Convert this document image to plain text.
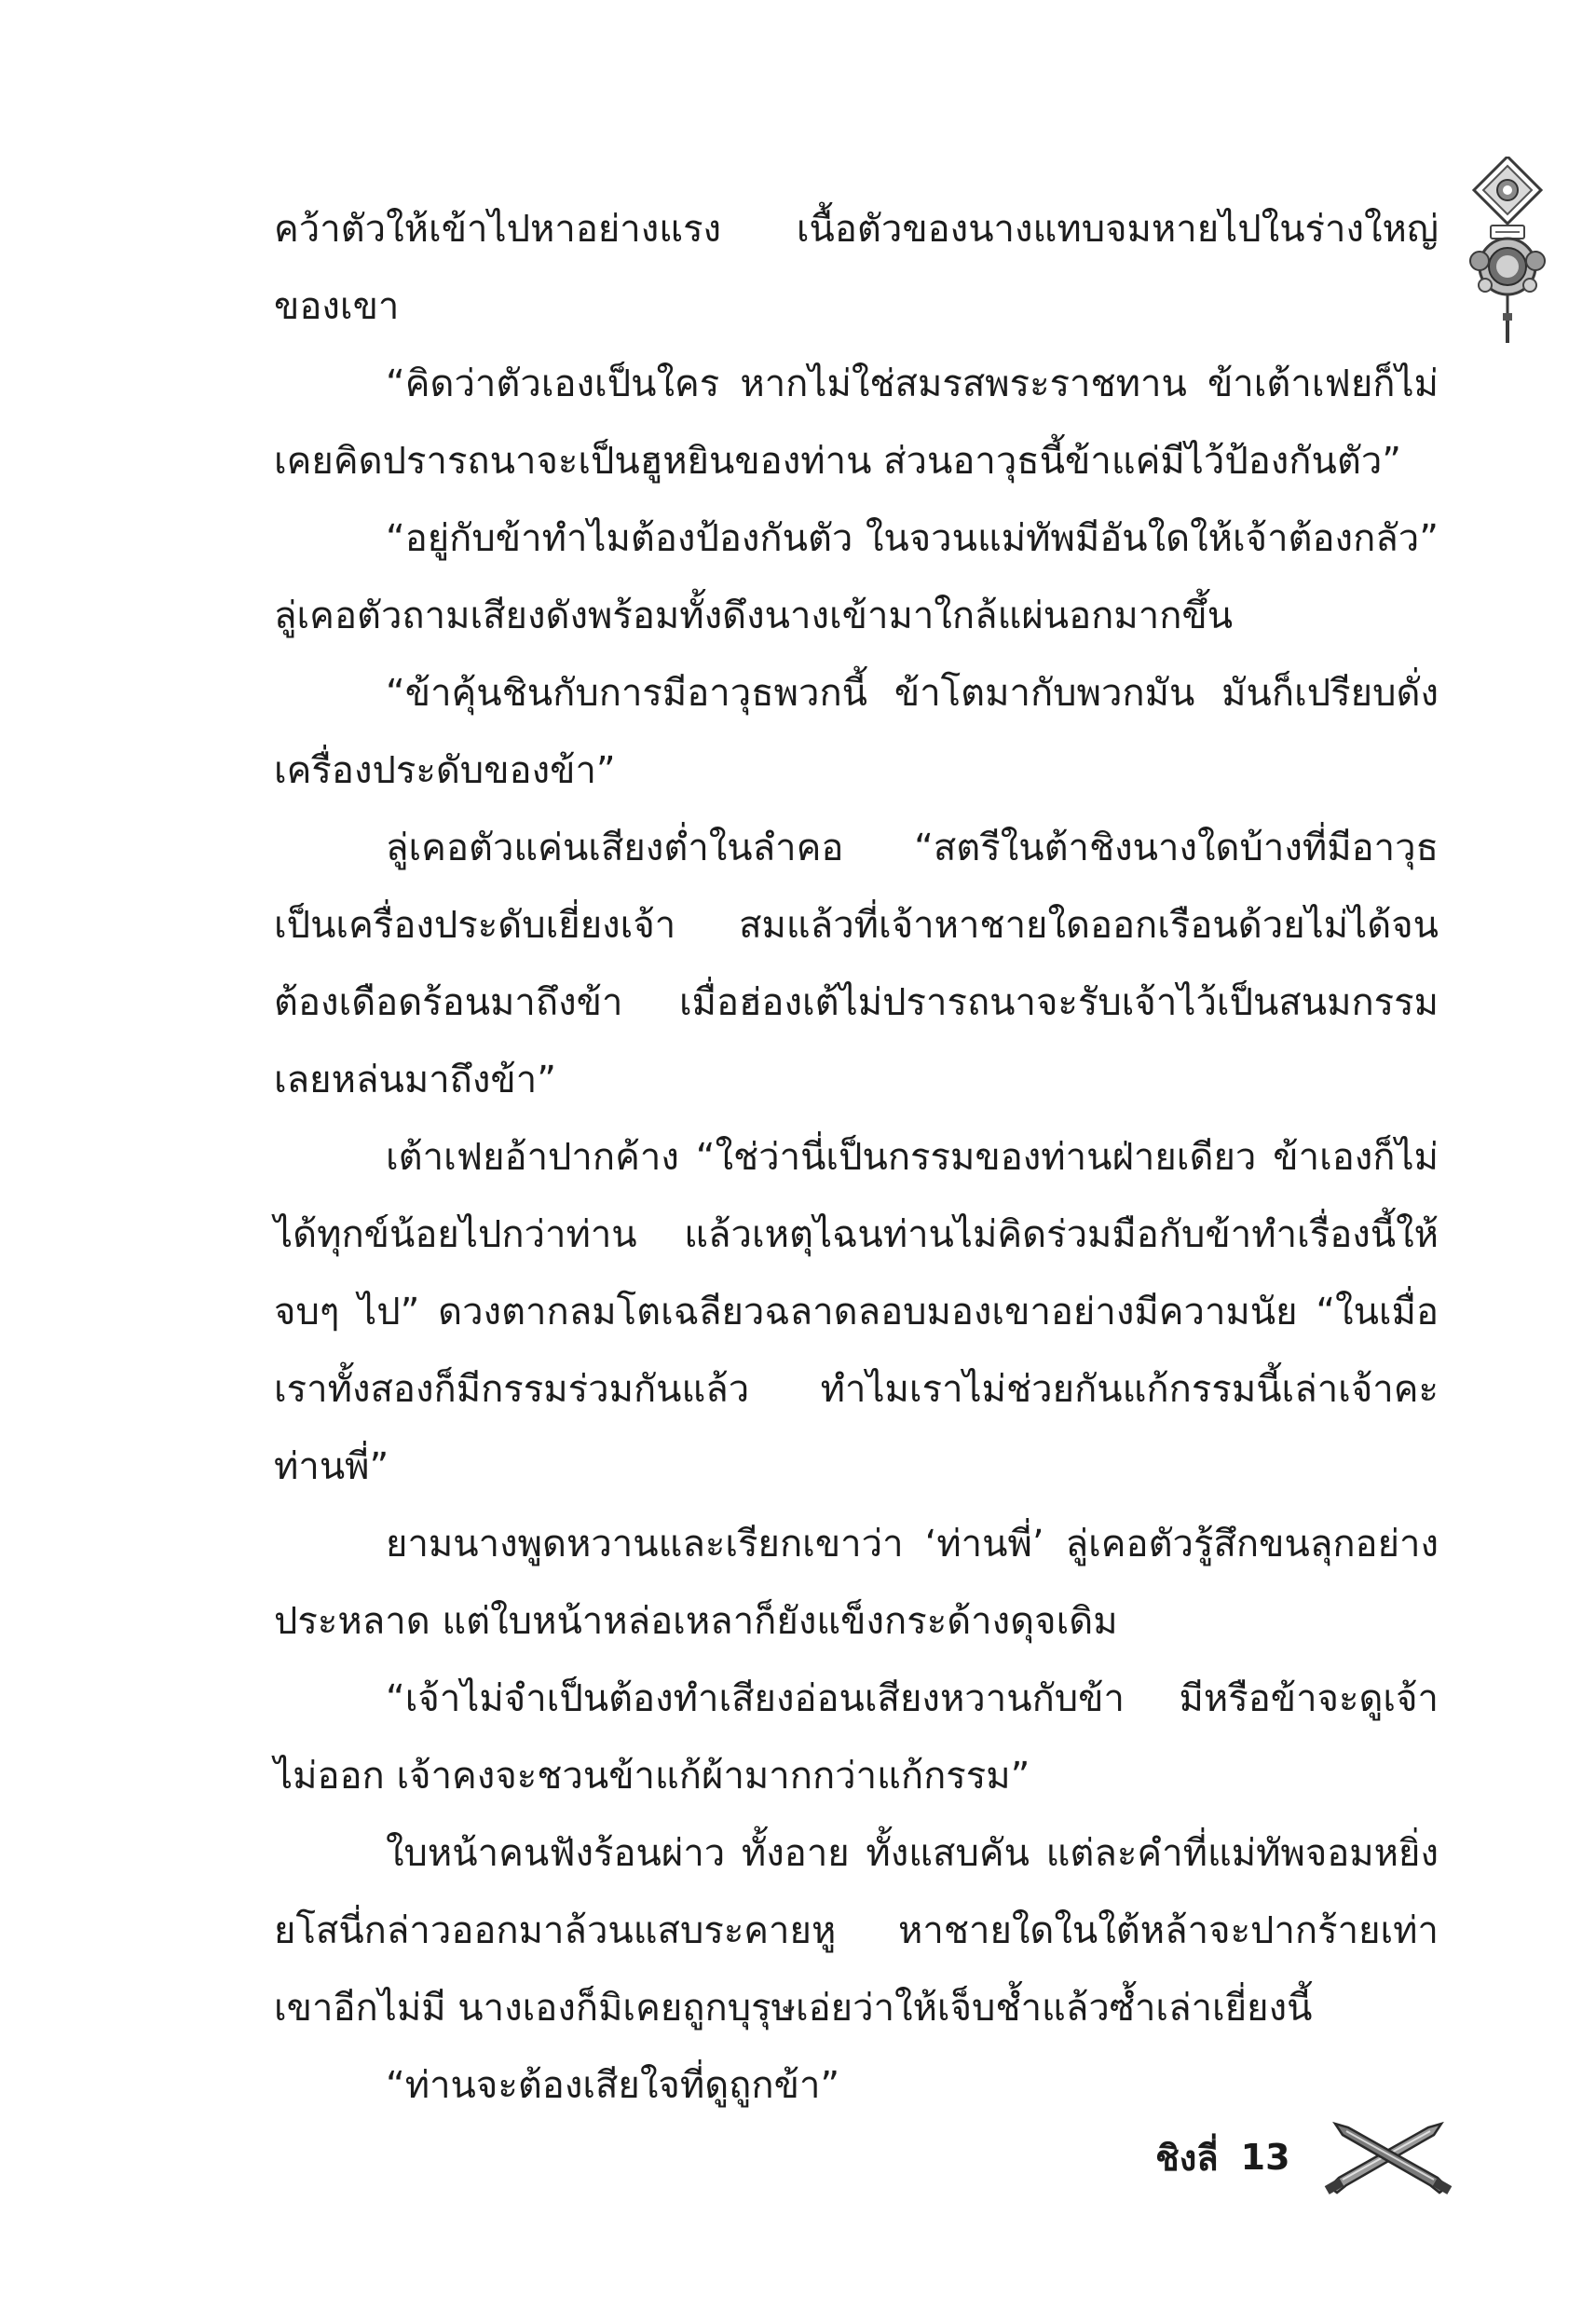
คว้าตัวให้เข้าไปหาอย่างแรง เนื้อตัวของนางแทบจมหายไปในร่างใหญ่ของเขา

“คิดว่าตัวเองเป็นใคร หากไม่ใช่สมรสพระราชทาน ข้าเต้าเฟยก็ไม่เคยคิดปรารถนาจะเป็นฮูหยินของท่าน ส่วนอาวุธนี้ข้าแค่มีไว้ป้องกันตัว”

“อยู่กับข้าทำไมต้องป้องกันตัว ในจวนแม่ทัพมีอันใดให้เจ้าต้องกลัว” ลู่เคอตัวถามเสียงดังพร้อมทั้งดึงนางเข้ามาใกล้แผ่นอกมากขึ้น

“ข้าคุ้นชินกับการมีอาวุธพวกนี้ ข้าโตมากับพวกมัน มันก็เปรียบดั่งเครื่องประดับของข้า”

ลู่เคอตัวแค่นเสียงต่ำในลำคอ “สตรีในต้าชิงนางใดบ้างที่มีอาวุธเป็นเครื่องประดับเยี่ยงเจ้า สมแล้วที่เจ้าหาชายใดออกเรือนด้วยไม่ได้จนต้องเดือดร้อนมาถึงข้า เมื่อฮ่องเต้ไม่ปรารถนาจะรับเจ้าไว้เป็นสนมกรรมเลยหล่นมาถึงข้า”

เต้าเฟยอ้าปากค้าง “ใช่ว่านี่เป็นกรรมของท่านฝ่ายเดียว ข้าเองก็ไม่ได้ทุกข์น้อยไปกว่าท่าน แล้วเหตุไฉนท่านไม่คิดร่วมมือกับข้าทำเรื่องนี้ให้จบๆ ไป” ดวงตากลมโตเฉลียวฉลาดลอบมองเขาอย่างมีความนัย “ในเมื่อเราทั้งสองก็มีกรรมร่วมกันแล้ว ทำไมเราไม่ช่วยกันแก้กรรมนี้เล่าเจ้าคะท่านพี่”

ยามนางพูดหวานและเรียกเขาว่า ‘ท่านพี่’ ลู่เคอตัวรู้สึกขนลุกอย่างประหลาด แต่ใบหน้าหล่อเหลาก็ยังแข็งกระด้างดุจเดิม

“เจ้าไม่จำเป็นต้องทำเสียงอ่อนเสียงหวานกับข้า มีหรือข้าจะดูเจ้าไม่ออก เจ้าคงจะชวนข้าแก้ผ้ามากกว่าแก้กรรม”

ใบหน้าคนฟังร้อนผ่าว ทั้งอาย ทั้งแสบคัน แต่ละคำที่แม่ทัพจอมหยิ่งยโสนี่กล่าวออกมาล้วนแสบระคายหู หาชายใดในใต้หล้าจะปากร้ายเท่าเขาอีกไม่มี นางเองก็มิเคยถูกบุรุษเอ่ยว่าให้เจ็บช้ำแล้วซ้ำเล่าเยี่ยงนี้

“ท่านจะต้องเสียใจที่ดูถูกข้า”

ชิงลี่ 13
